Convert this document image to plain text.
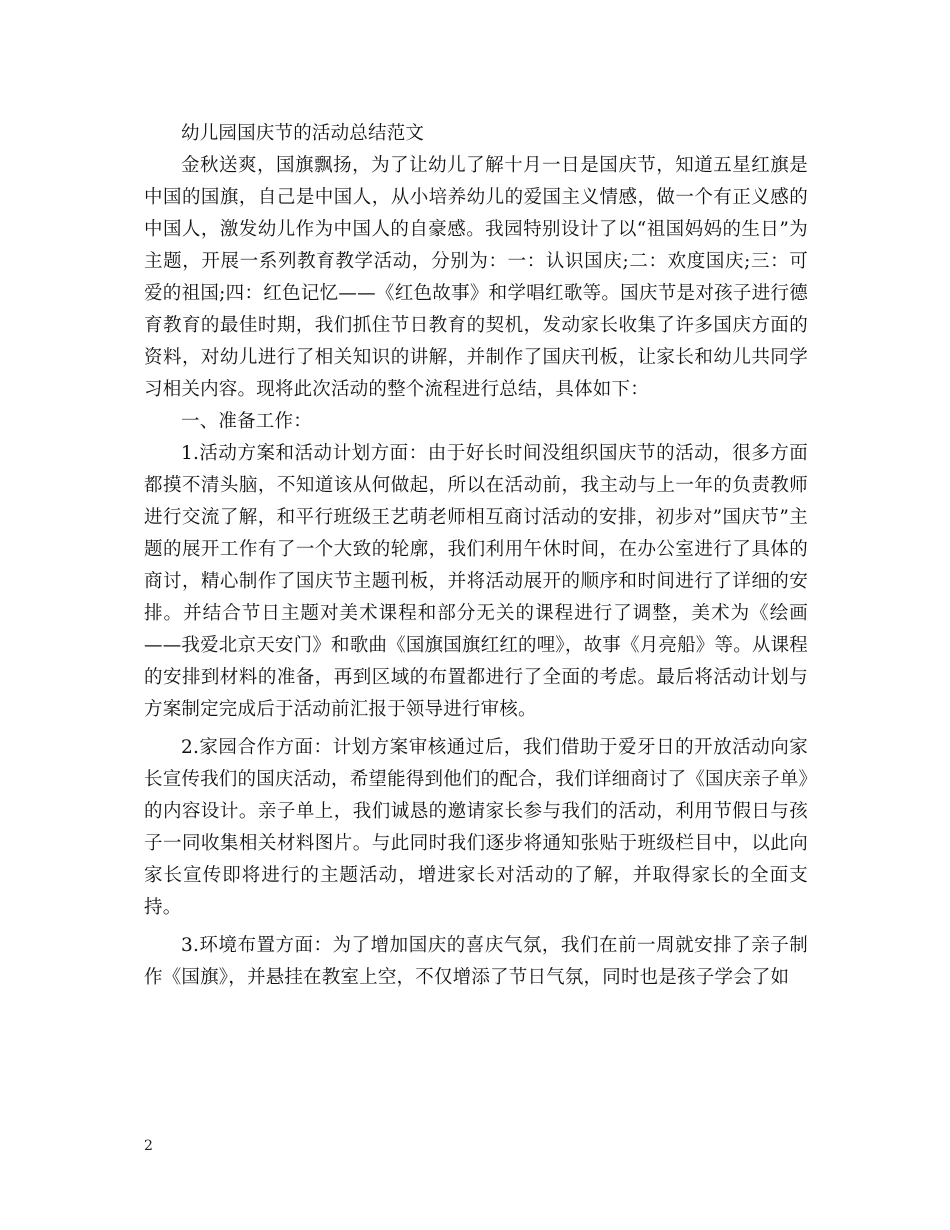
幼儿园国庆节的活动总结范文

金秋送爽，国旗飘扬，为了让幼儿了解十月一日是国庆节，知道五星红旗是中国的国旗，自己是中国人，从小培养幼儿的爱国主义情感，做一个有正义感的中国人，激发幼儿作为中国人的自豪感。我园特别设计了以“祖国妈妈的生日”为主题，开展一系列教育教学活动，分别为：一：认识国庆;二：欢度国庆;三：可爱的祖国;四：红色记忆——《红色故事》和学唱红歌等。国庆节是对孩子进行德育教育的最佳时期，我们抓住节日教育的契机，发动家长收集了许多国庆方面的资料，对幼儿进行了相关知识的讲解，并制作了国庆刊板，让家长和幼儿共同学习相关内容。现将此次活动的整个流程进行总结，具体如下：

一、准备工作：

1.活动方案和活动计划方面：由于好长时间没组织国庆节的活动，很多方面都摸不清头脑，不知道该从何做起，所以在活动前，我主动与上一年的负责教师进行交流了解，和平行班级王艺萌老师相互商讨活动的安排，初步对”国庆节”主题的展开工作有了一个大致的轮廓，我们利用午休时间，在办公室进行了具体的商讨，精心制作了国庆节主题刊板，并将活动展开的顺序和时间进行了详细的安排。并结合节日主题对美术课程和部分无关的课程进行了调整，美术为《绘画——我爱北京天安门》和歌曲《国旗国旗红红的哩》，故事《月亮船》等。从课程的安排到材料的准备，再到区域的布置都进行了全面的考虑。最后将活动计划与方案制定完成后于活动前汇报于领导进行审核。

2.家园合作方面：计划方案审核通过后，我们借助于爱牙日的开放活动向家长宣传我们的国庆活动，希望能得到他们的配合，我们详细商讨了《国庆亲子单》的内容设计。亲子单上，我们诚恳的邀请家长参与我们的活动，利用节假日与孩子一同收集相关材料图片。与此同时我们逐步将通知张贴于班级栏目中，以此向家长宣传即将进行的主题活动，增进家长对活动的了解，并取得家长的全面支持。

3.环境布置方面：为了增加国庆的喜庆气氛，我们在前一周就安排了亲子制作《国旗》，并悬挂在教室上空，不仅增添了节日气氛，同时也是孩子学会了如

2
